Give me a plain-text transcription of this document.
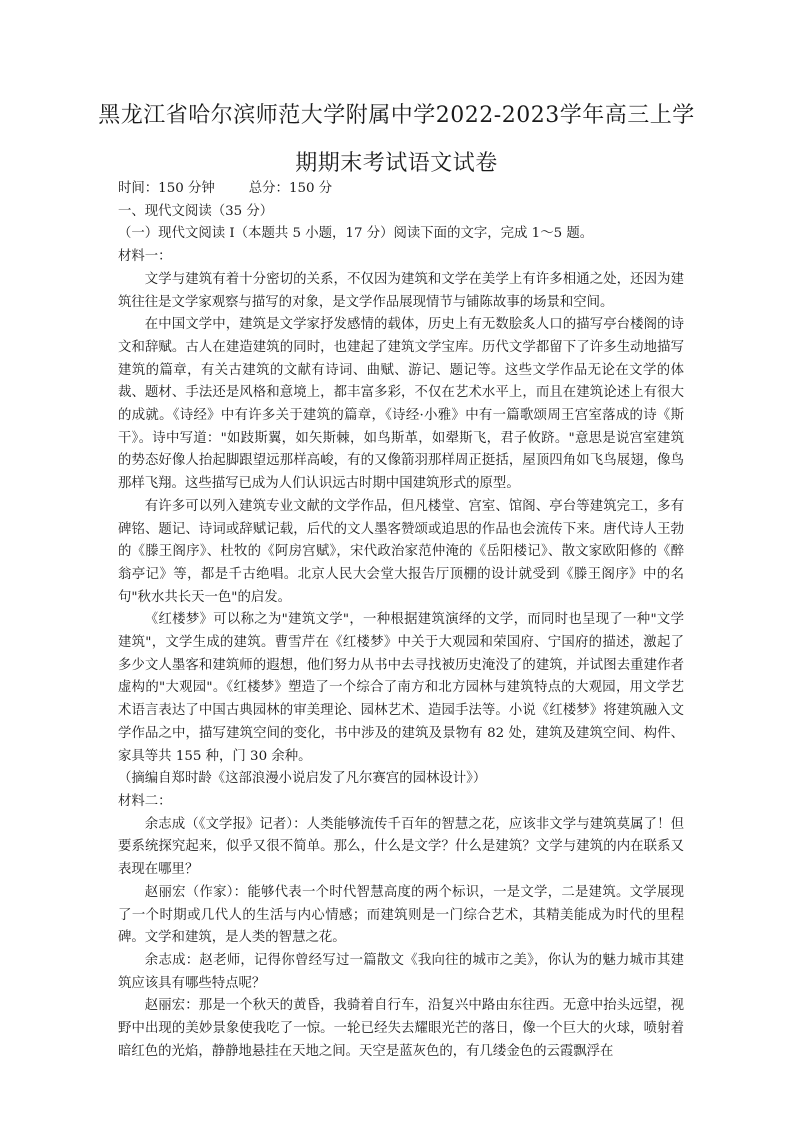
黑龙江省哈尔滨师范大学附属中学2022-2023学年高三上学
期期末考试语文试卷

时间：150 分钟	总分：150 分

一、现代文阅读（35 分）

（一）现代文阅读 I（本题共 5 小题，17 分）阅读下面的文字，完成 1～5 题。

材料一：

文学与建筑有着十分密切的关系，不仅因为建筑和文学在美学上有许多相通之处，还因为建筑往往是文学家观察与描写的对象，是文学作品展现情节与铺陈故事的场景和空间。

在中国文学中，建筑是文学家抒发感情的载体，历史上有无数脍炙人口的描写亭台楼阁的诗文和辞赋。古人在建造建筑的同时，也建起了建筑文学宝库。历代文学都留下了许多生动地描写建筑的篇章，有关古建筑的文献有诗词、曲赋、游记、题记等。这些文学作品无论在文学的体裁、题材、手法还是风格和意境上，都丰富多彩，不仅在艺术水平上，而且在建筑论述上有很大的成就。《诗经》中有许多关于建筑的篇章，《诗经·小雅》中有一篇歌颂周王宫室落成的诗《斯干》。诗中写道："如跂斯翼，如矢斯棘，如鸟斯革，如翚斯飞，君子攸跻。"意思是说宫室建筑的势态好像人抬起脚跟望远那样高峻，有的又像箭羽那样周正挺括，屋顶四角如飞鸟展翅，像鸟那样飞翔。这些描写已成为人们认识远古时期中国建筑形式的原型。

有许多可以列入建筑专业文献的文学作品，但凡楼堂、宫室、馆阁、亭台等建筑完工，多有碑铭、题记、诗词或辞赋记载，后代的文人墨客赞颂或追思的作品也会流传下来。唐代诗人王勃的《滕王阁序》、杜牧的《阿房宫赋》，宋代政治家范仲淹的《岳阳楼记》、散文家欧阳修的《醉翁亭记》等，都是千古绝唱。北京人民大会堂大报告厅顶棚的设计就受到《滕王阁序》中的名句"秋水共长天一色"的启发。

《红楼梦》可以称之为"建筑文学"，一种根据建筑演绎的文学，而同时也呈现了一种"文学建筑"，文学生成的建筑。曹雪芹在《红楼梦》中关于大观园和荣国府、宁国府的描述，激起了多少文人墨客和建筑师的遐想，他们努力从书中去寻找被历史淹没了的建筑，并试图去重建作者虚构的"大观园"。《红楼梦》塑造了一个综合了南方和北方园林与建筑特点的大观园，用文学艺术语言表达了中国古典园林的审美理论、园林艺术、造园手法等。小说《红楼梦》将建筑融入文学作品之中，描写建筑空间的变化，书中涉及的建筑及景物有 82 处，建筑及建筑空间、构件、家具等共 155 种，门 30 余种。

（摘编自郑时龄《这部浪漫小说启发了凡尔赛宫的园林设计》）

材料二：

余志成（《文学报》记者）：人类能够流传千百年的智慧之花，应该非文学与建筑莫属了！但要系统探究起来，似乎又很不简单。那么，什么是文学？什么是建筑？文学与建筑的内在联系又表现在哪里？

赵丽宏（作家）：能够代表一个时代智慧高度的两个标识，一是文学，二是建筑。文学展现了一个时期或几代人的生活与内心情感；而建筑则是一门综合艺术，其精美能成为时代的里程碑。文学和建筑，是人类的智慧之花。

余志成：赵老师，记得你曾经写过一篇散文《我向往的城市之美》，你认为的魅力城市其建筑应该具有哪些特点呢？

赵丽宏：那是一个秋天的黄昏，我骑着自行车，沿复兴中路由东往西。无意中抬头远望，视野中出现的美妙景象使我吃了一惊。一轮已经失去耀眼光芒的落日，像一个巨大的火球，喷射着暗红色的光焰，静静地悬挂在天地之间。天空是蓝灰色的，有几缕金色的云霞飘浮在
